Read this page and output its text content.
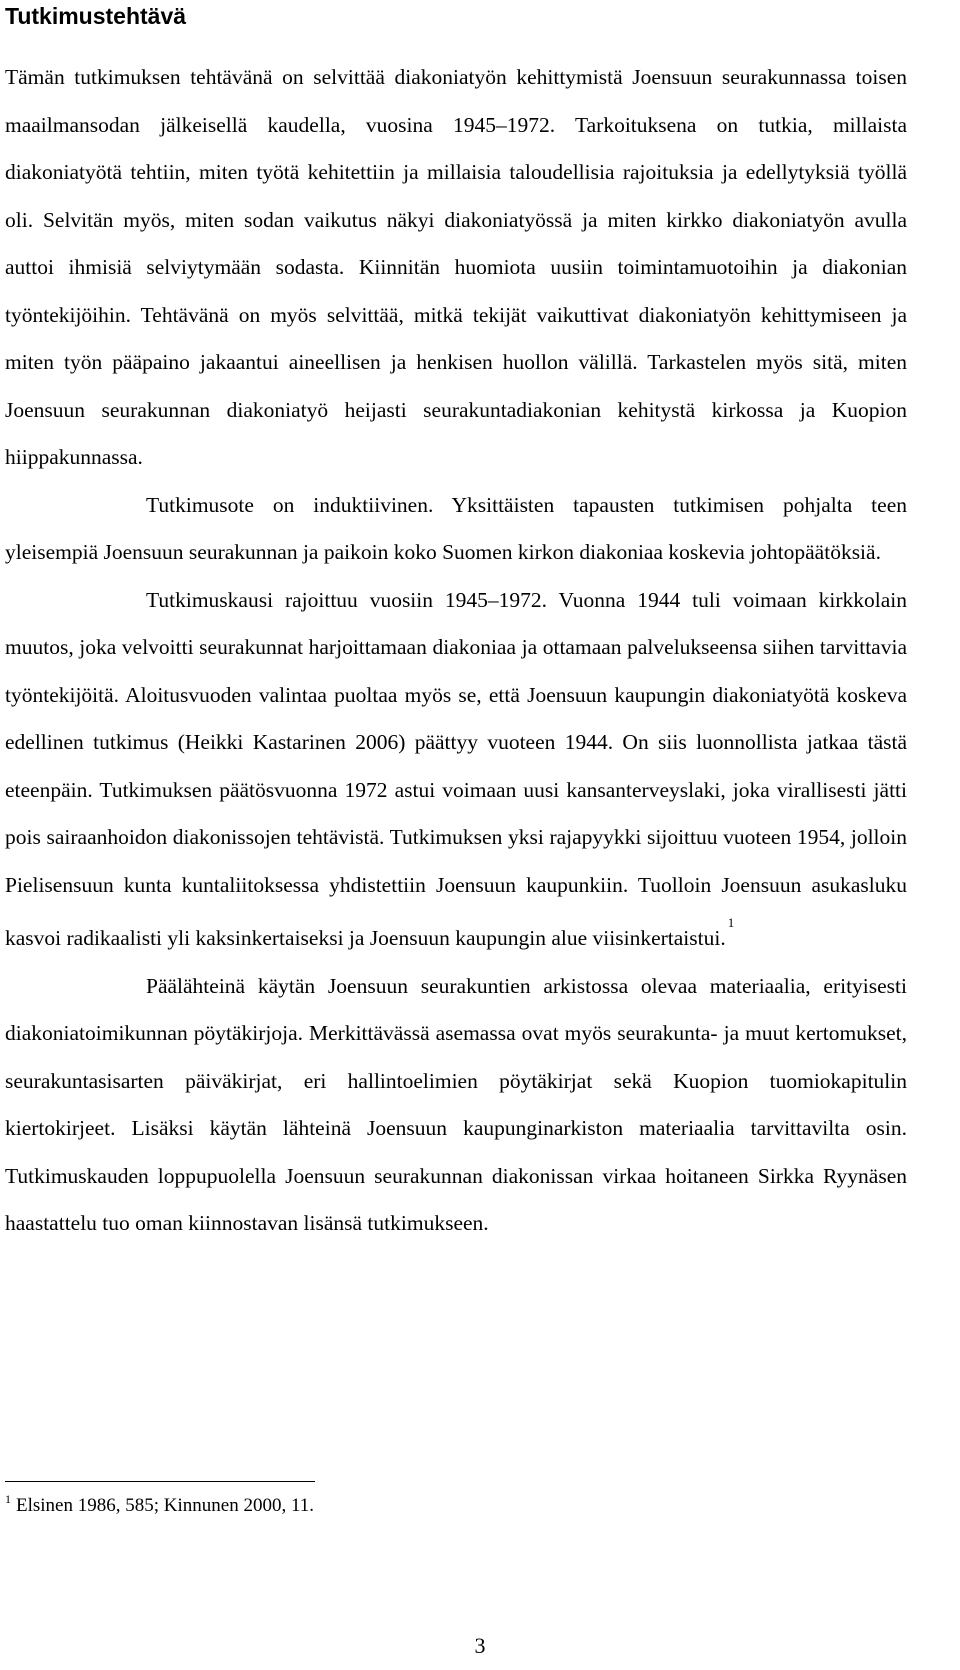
Tutkimustehtävä

Tämän tutkimuksen tehtävänä on selvittää diakoniatyön kehittymistä Joensuun seurakunnassa toisen maailmansodan jälkeisellä kaudella, vuosina 1945–1972. Tarkoituksena on tutkia, millaista diakoniatyötä tehtiin, miten työtä kehitettiin ja millaisia taloudellisia rajoituksia ja edellytyksiä työllä oli. Selvitän myös, miten sodan vaikutus näkyi diakoniatyössä ja miten kirkko diakoniatyön avulla auttoi ihmisiä selviytymään sodasta. Kiinnitän huomiota uusiin toimintamuotoihin ja diakonian työntekijöihin. Tehtävänä on myös selvittää, mitkä tekijät vaikuttivat diakoniatyön kehittymiseen ja miten työn pääpaino jakaantui aineellisen ja henkisen huollon välillä. Tarkastelen myös sitä, miten Joensuun seurakunnan diakoniatyö heijasti seurakuntadiakonian kehitystä kirkossa ja Kuopion hiippakunnassa.

Tutkimusote on induktiivinen. Yksittäisten tapausten tutkimisen pohjalta teen yleisempiä Joensuun seurakunnan ja paikoin koko Suomen kirkon diakoniaa koskevia johtopäätöksiä.

Tutkimuskausi rajoittuu vuosiin 1945–1972. Vuonna 1944 tuli voimaan kirkkolain muutos, joka velvoitti seurakunnat harjoittamaan diakoniaa ja ottamaan palvelukseensa siihen tarvittavia työntekijöitä. Aloitusvuoden valintaa puoltaa myös se, että Joensuun kaupungin diakoniatyötä koskeva edellinen tutkimus (Heikki Kastarinen 2006) päättyy vuoteen 1944. On siis luonnollista jatkaa tästä eteenpäin. Tutkimuksen päätösvuonna 1972 astui voimaan uusi kansanterveyslaki, joka virallisesti jätti pois sairaanhoidon diakonissojen tehtävistä. Tutkimuksen yksi rajapyykki sijoittuu vuoteen 1954, jolloin Pielisensuun kunta kuntaliitoksessa yhdistettiin Joensuun kaupunkiin. Tuolloin Joensuun asukasluku kasvoi radikaalisti yli kaksinkertaiseksi ja Joensuun kaupungin alue viisinkertaistui.$^1$

Päälähteinä käytän Joensuun seurakuntien arkistossa olevaa materiaalia, erityisesti diakoniatoimikunnan pöytäkirjoja. Merkittävässä asemassa ovat myös seurakunta- ja muut kertomukset, seurakuntasisarten päiväkirjat, eri hallintoelimien pöytäkirjat sekä Kuopion tuomiokapitulin kiertokirjeet. Lisäksi käytän lähteinä Joensuun kaupunginarkiston materiaalia tarvittavilta osin. Tutkimuskauden loppupuolella Joensuun seurakunnan diakonissan virkaa hoitaneen Sirkka Ryynäsen haastattelu tuo oman kiinnostavan lisänsä tutkimukseen.

$^1$ Elsinen 1986, 585; Kinnunen 2000, 11.

3
